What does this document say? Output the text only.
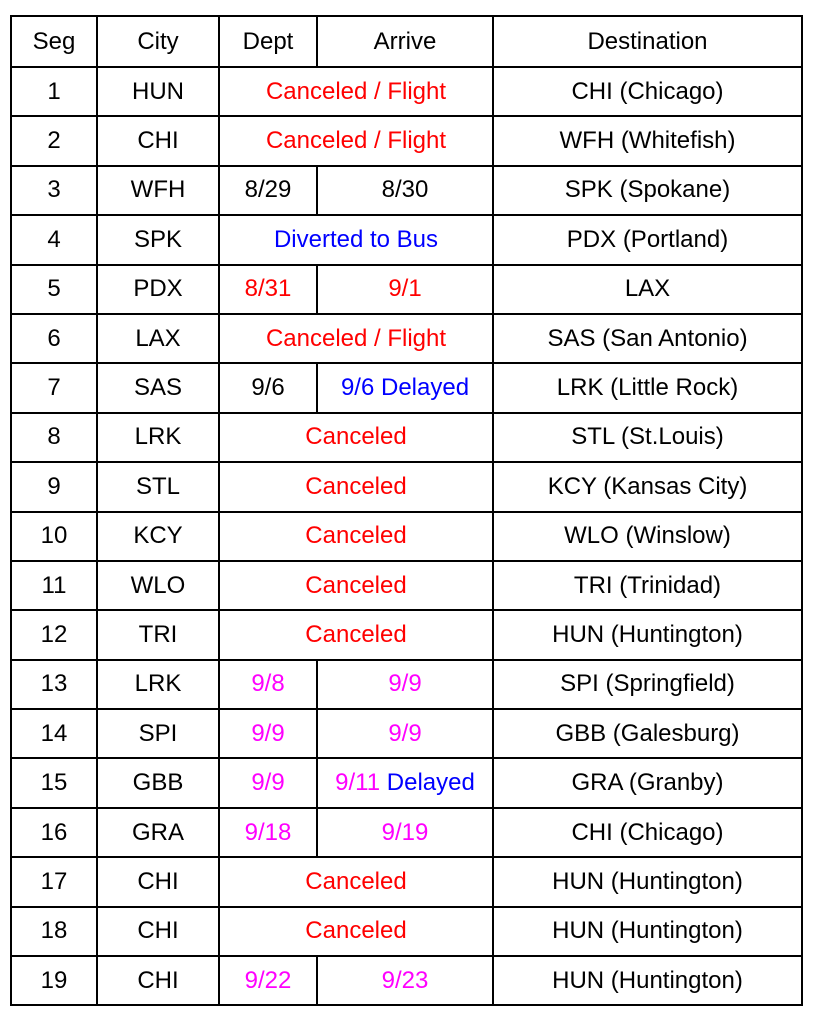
Seg	City	Dept	Arrive	Destination
1	HUN	Canceled / Flight		CHI (Chicago)
2	CHI	Canceled / Flight		WFH (Whitefish)
3	WFH	8/29	8/30	SPK (Spokane)
4	SPK	Diverted to Bus		PDX (Portland)
5	PDX	8/31	9/1	LAX
6	LAX	Canceled / Flight		SAS (San Antonio)
7	SAS	9/6	9/6 Delayed	LRK (Little Rock)
8	LRK	Canceled		STL (St.Louis)
9	STL	Canceled		KCY (Kansas City)
10	KCY	Canceled		WLO (Winslow)
11	WLO	Canceled		TRI (Trinidad)
12	TRI	Canceled		HUN (Huntington)
13	LRK	9/8	9/9	SPI (Springfield)
14	SPI	9/9	9/9	GBB (Galesburg)
15	GBB	9/9	9/11 Delayed	GRA (Granby)
16	GRA	9/18	9/19	CHI (Chicago)
17	CHI	Canceled		HUN (Huntington)
18	CHI	Canceled		HUN (Huntington)
19	CHI	9/22	9/23	HUN (Huntington)
